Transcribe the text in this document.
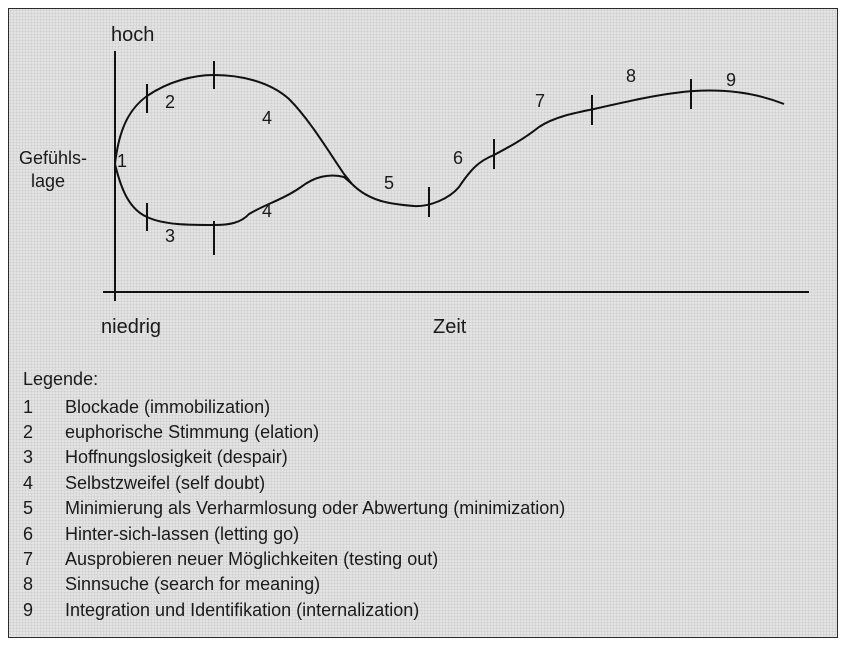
hoch
niedrig
Gefühls-
lage
Zeit
1
2
3
4
4
5
6
7
8	9
Legende:
1 Blockade (immobilization)
2 euphorische Stimmung (elation)
3 Hoffnungslosigkeit (despair)
4 Selbstzweifel (self doubt)
5 Minimierung als Verharmlosung oder Abwertung (minimization)
6 Hinter-sich-lassen (letting go)
7 Ausprobieren neuer Möglichkeiten (testing out)
8 Sinnsuche (search for meaning)
9 Integration und Identifikation (internalization)
